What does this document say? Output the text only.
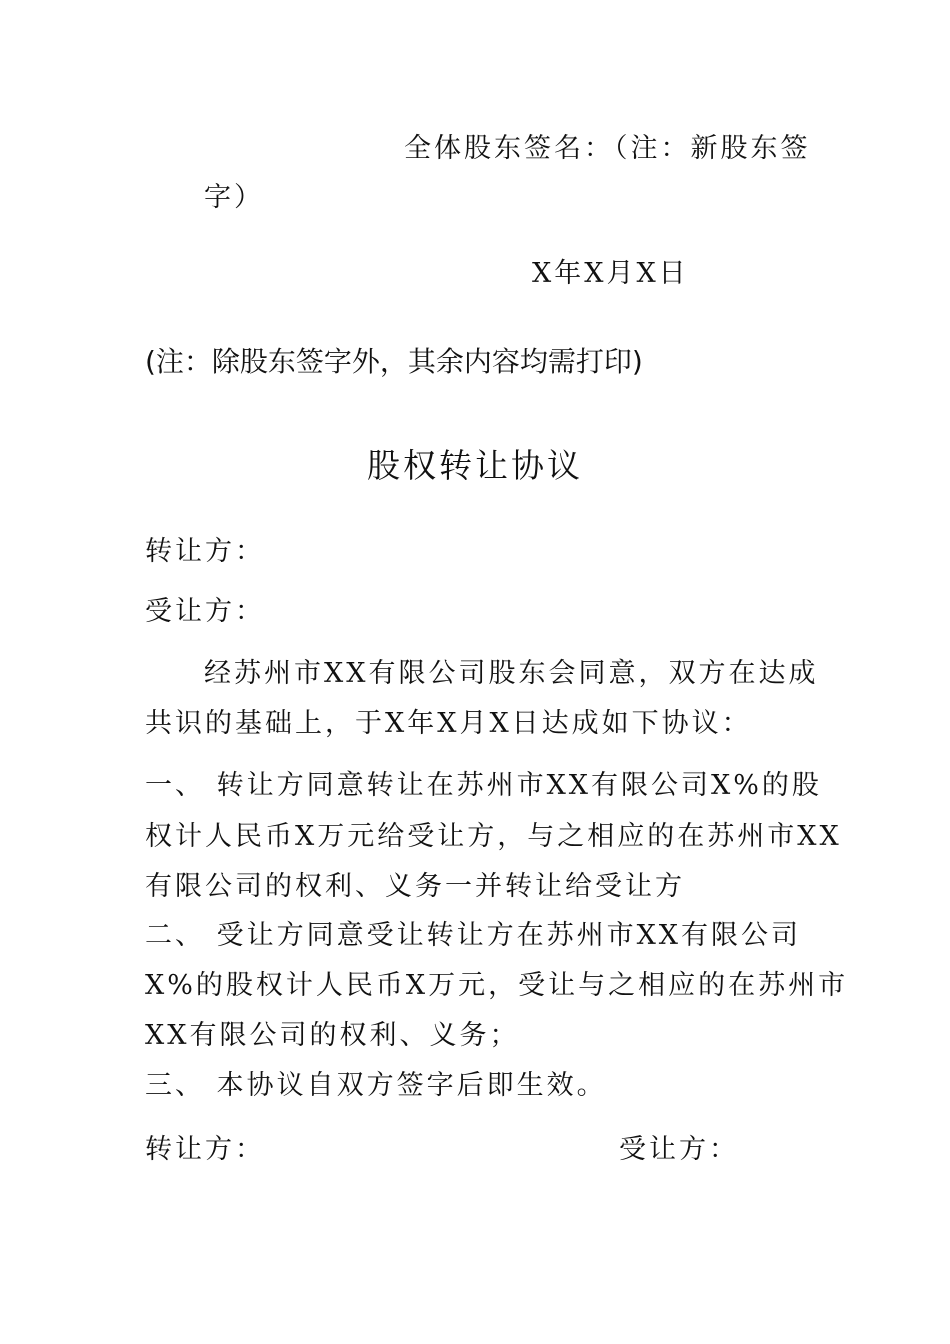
全体股东签名：（注：新股东签
字）
X年X月X日
(注：除股东签字外，其余内容均需打印)
股权转让协议
转让方：
受让方：
经苏州市XX有限公司股东会同意，双方在达成
共识的基础上，于X年X月X日达成如下协议：
一、 转让方同意转让在苏州市XX有限公司X%的股
权计人民币X万元给受让方，与之相应的在苏州市XX
有限公司的权利、义务一并转让给受让方
二、 受让方同意受让转让方在苏州市XX有限公司
X%的股权计人民币X万元，受让与之相应的在苏州市
XX有限公司的权利、义务；
三、 本协议自双方签字后即生效。
转让方：	受让方：
